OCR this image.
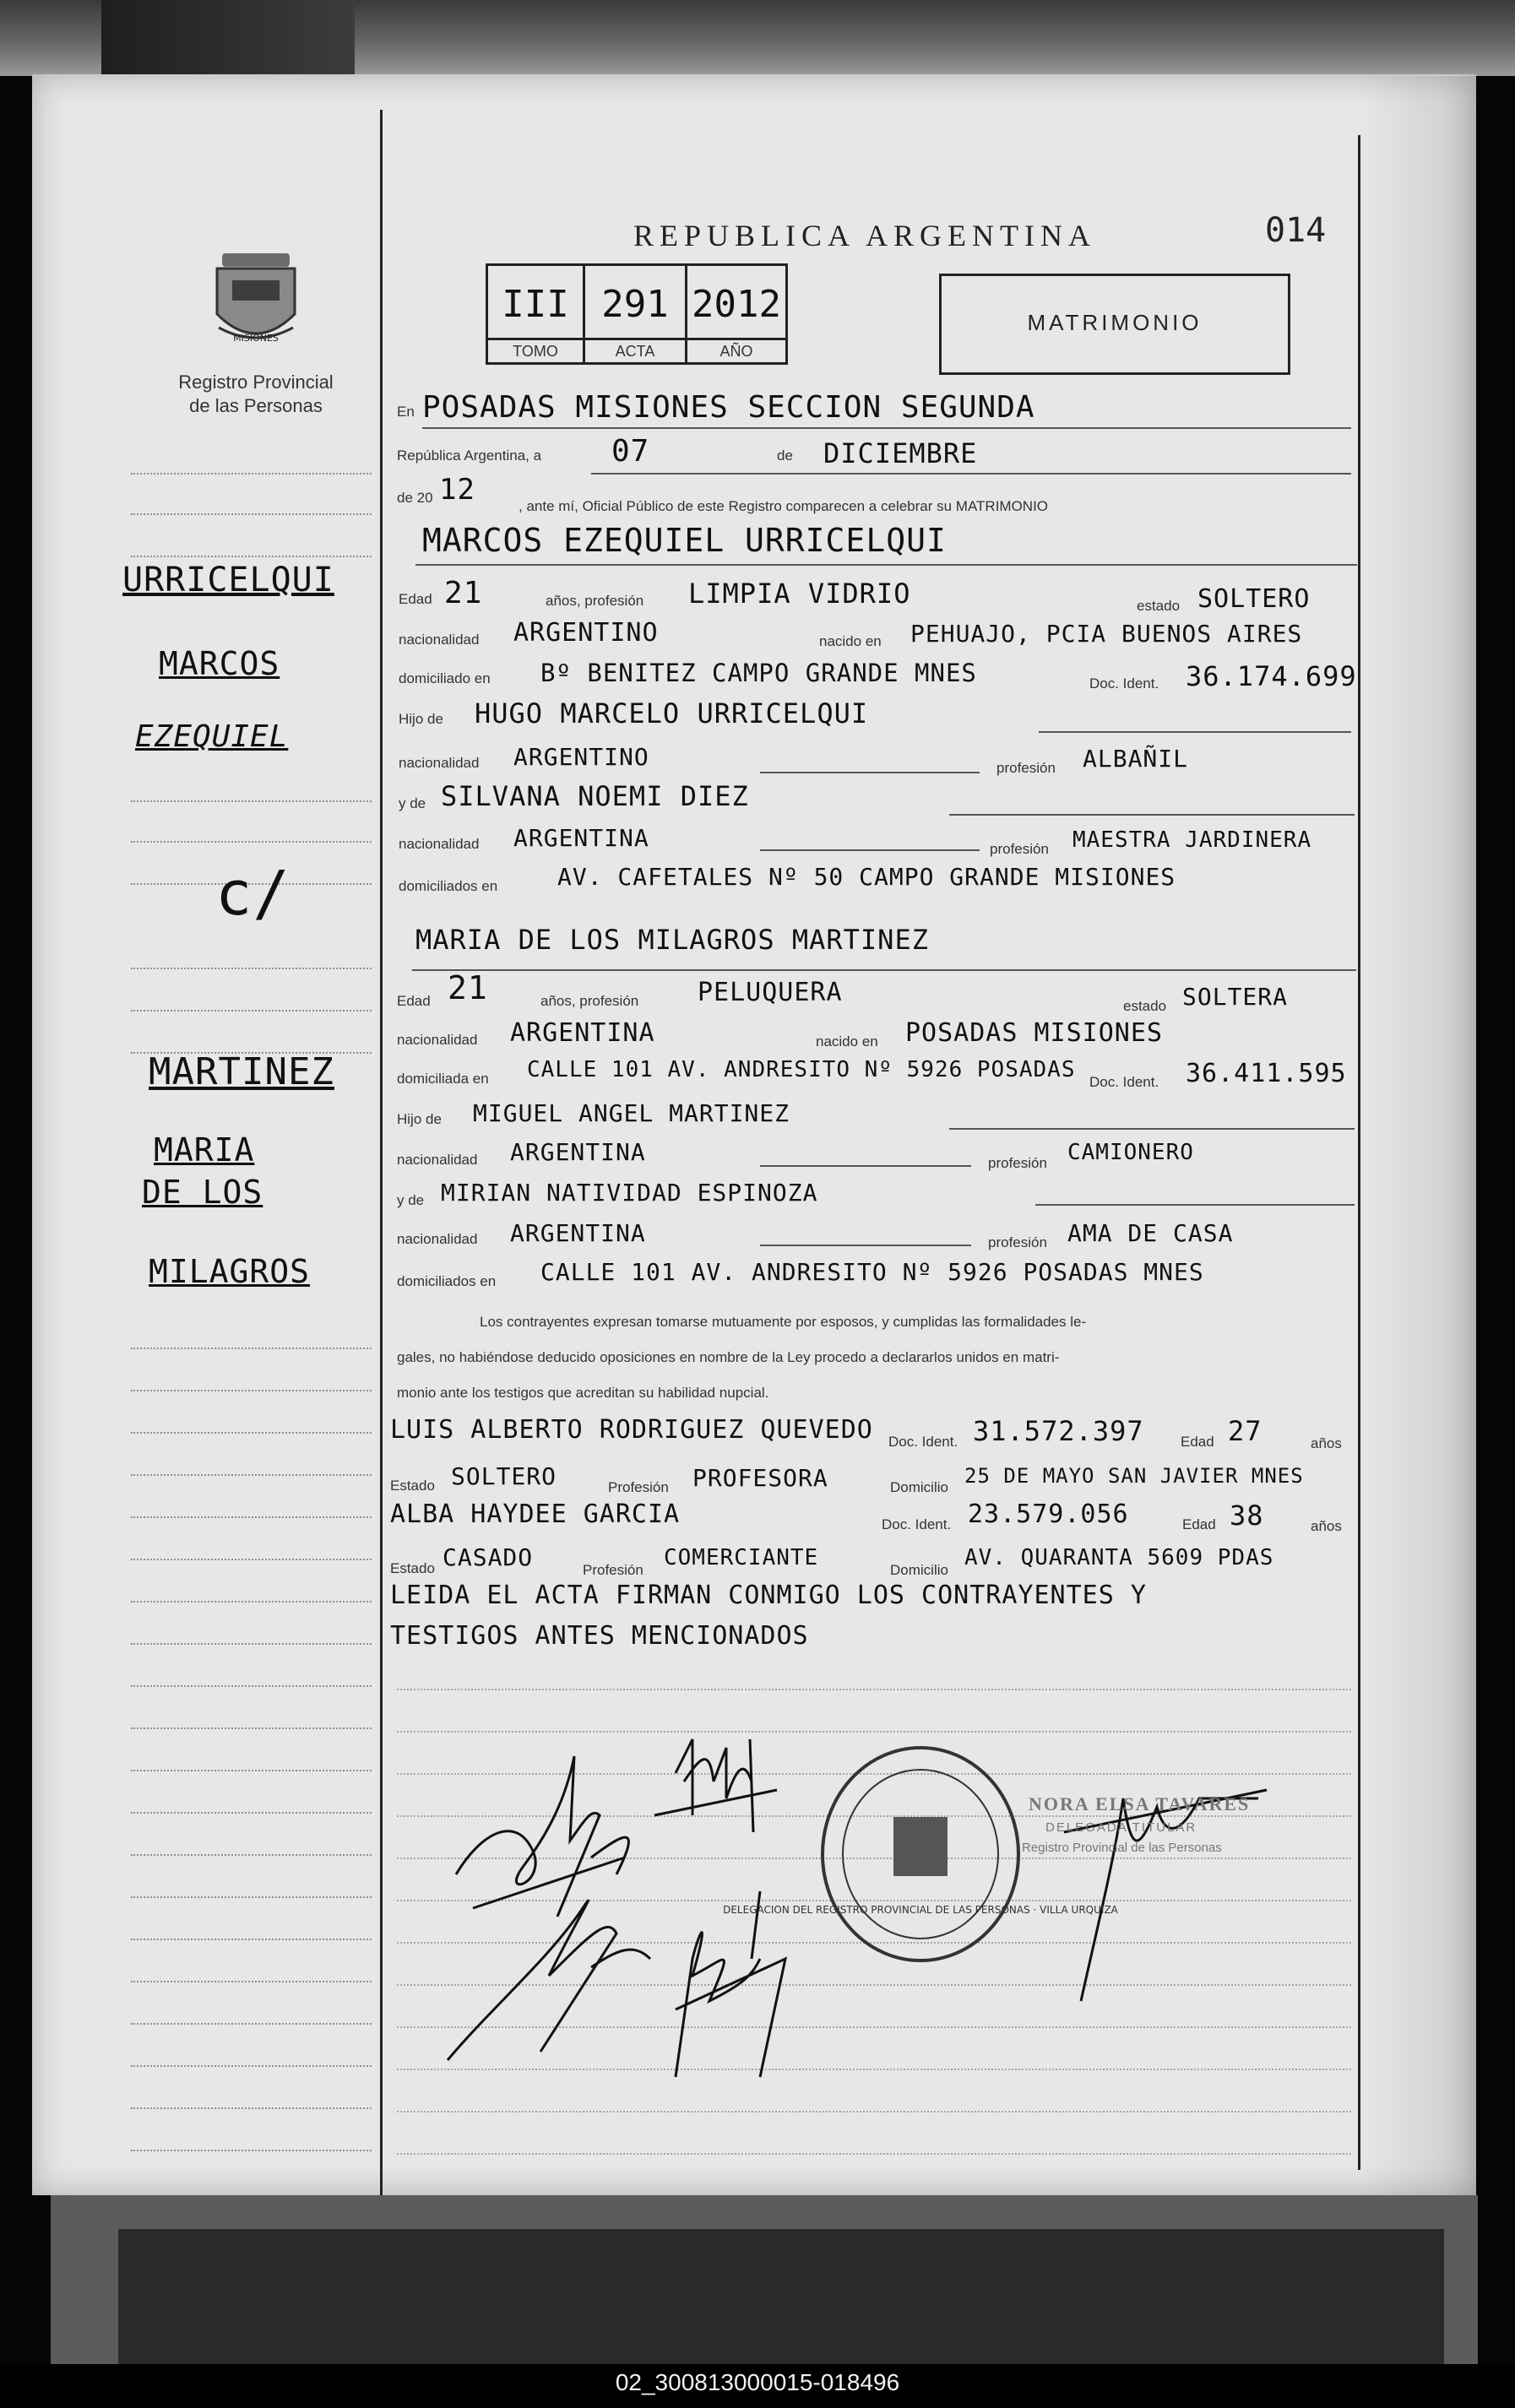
REPUBLICA ARGENTINA	014
III
TOMO
291
ACTA
2012
AÑO
MATRIMONIO
MISIONES
Registro Provincial
de las Personas
URRICELQUI
MARCOS
EZEQUIEL
c/
MARTINEZ
MARIA
DE LOS
MILAGROS
En POSADAS MISIONES SECCION SEGUNDA
República Argentina, a 07	de DICIEMBRE
de 20 12	, ante mí, Oficial Público de este Registro comparecen a celebrar su MATRIMONIO
MARCOS EZEQUIEL URRICELQUI
Edad 21	años, profesión LIMPIA VIDRIO	estado SOLTERO
nacionalidad ARGENTINO	nacido en PEHUAJO, PCIA BUENOS AIRES
domiciliado en Bº BENITEZ CAMPO GRANDE MNES	Doc. Ident. 36.174.699
Hijo de HUGO MARCELO URRICELQUI
nacionalidad ARGENTINO	profesión ALBAÑIL
y de SILVANA NOEMI DIEZ
nacionalidad ARGENTINA	profesión MAESTRA JARDINERA
domiciliados en	AV. CAFETALES Nº 50 CAMPO GRANDE MISIONES
MARIA DE LOS MILAGROS MARTINEZ
Edad 21	años, profesión PELUQUERA	estado SOLTERA
nacionalidad ARGENTINA	nacido en POSADAS MISIONES
domiciliada en CALLE 101 AV. ANDRESITO Nº 5926 POSADAS Doc. Ident. 36.411.595
Hijo de MIGUEL ANGEL MARTINEZ
nacionalidad ARGENTINA	profesión CAMIONERO
y de MIRIAN NATIVIDAD ESPINOZA
nacionalidad ARGENTINA	profesión AMA DE CASA
domiciliados en CALLE 101 AV. ANDRESITO Nº 5926 POSADAS MNES
Los contrayentes expresan tomarse mutuamente por esposos, y cumplidas las formalidades le-
gales, no habiéndose deducido oposiciones en nombre de la Ley procedo a declararlos unidos en matri-
monio ante los testigos que acreditan su habilidad nupcial.
LUIS ALBERTO RODRIGUEZ QUEVEDO Doc. Ident. 31.572.397	Edad 27	años
Estado SOLTERO	Profesión PROFESORA	Domicilio 25 DE MAYO SAN JAVIER MNES
ALBA HAYDEE GARCIA	Doc. Ident. 23.579.056	Edad 38	años
Estado CASADO	Profesión COMERCIANTE	Domicilio AV. QUARANTA 5609 PDAS
LEIDA EL ACTA FIRMAN CONMIGO LOS CONTRAYENTES Y
TESTIGOS ANTES MENCIONADOS
DELEGACION DEL REGISTRO PROVINCIAL DE LAS PERSONAS · VILLA URQUIZA
NORA ELSA TAVARES
DELEGADA TITULAR
Registro Provincial de las Personas
02_300813000015-018496
